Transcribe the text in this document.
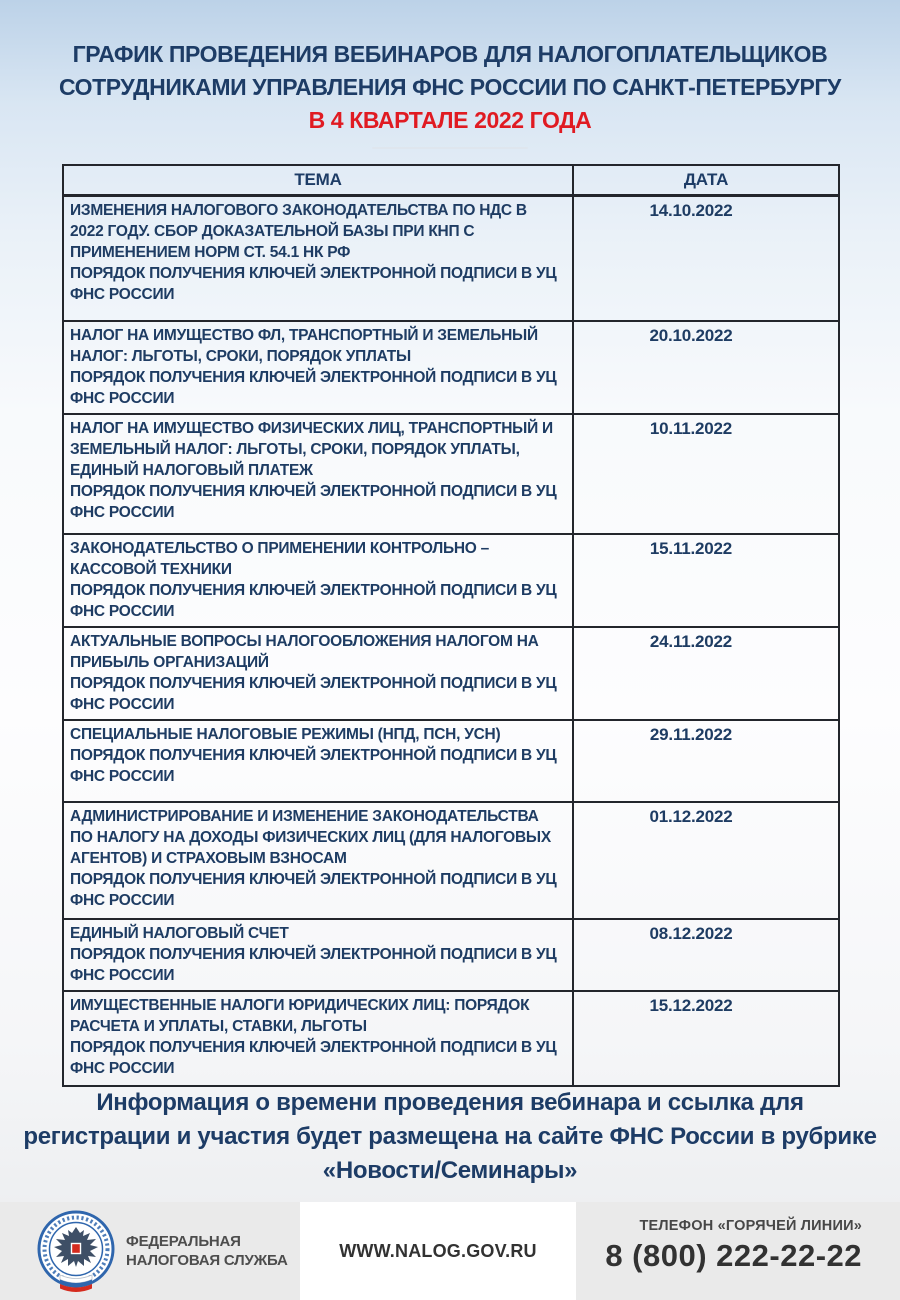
ГРАФИК ПРОВЕДЕНИЯ ВЕБИНАРОВ ДЛЯ НАЛОГОПЛАТЕЛЬЩИКОВ
СОТРУДНИКАМИ УПРАВЛЕНИЯ ФНС РОССИИ ПО САНКТ-ПЕТЕРБУРГУ
В 4 КВАРТАЛЕ 2022 ГОДА
ТЕМА	ДАТА

ИЗМЕНЕНИЯ НАЛОГОВОГО ЗАКОНОДАТЕЛЬСТВА ПО НДС В 2022 ГОДУ. СБОР ДОКАЗАТЕЛЬНОЙ БАЗЫ ПРИ КНП С ПРИМЕНЕНИЕМ НОРМ СТ. 54.1 НК РФ
ПОРЯДОК ПОЛУЧЕНИЯ КЛЮЧЕЙ ЭЛЕКТРОННОЙ ПОДПИСИ В УЦ ФНС РОССИИ	14.10.2022

НАЛОГ НА ИМУЩЕСТВО ФЛ, ТРАНСПОРТНЫЙ И ЗЕМЕЛЬНЫЙ НАЛОГ: ЛЬГОТЫ, СРОКИ, ПОРЯДОК УПЛАТЫ
ПОРЯДОК ПОЛУЧЕНИЯ КЛЮЧЕЙ ЭЛЕКТРОННОЙ ПОДПИСИ В УЦ ФНС РОССИИ	20.10.2022

НАЛОГ НА ИМУЩЕСТВО ФИЗИЧЕСКИХ ЛИЦ, ТРАНСПОРТНЫЙ И ЗЕМЕЛЬНЫЙ НАЛОГ: ЛЬГОТЫ, СРОКИ, ПОРЯДОК УПЛАТЫ, ЕДИНЫЙ НАЛОГОВЫЙ ПЛАТЕЖ
ПОРЯДОК ПОЛУЧЕНИЯ КЛЮЧЕЙ ЭЛЕКТРОННОЙ ПОДПИСИ В УЦ ФНС РОССИИ	10.11.2022

ЗАКОНОДАТЕЛЬСТВО О ПРИМЕНЕНИИ КОНТРОЛЬНО – КАССОВОЙ ТЕХНИКИ
ПОРЯДОК ПОЛУЧЕНИЯ КЛЮЧЕЙ ЭЛЕКТРОННОЙ ПОДПИСИ В УЦ ФНС РОССИИ	15.11.2022

АКТУАЛЬНЫЕ ВОПРОСЫ НАЛОГООБЛОЖЕНИЯ НАЛОГОМ НА ПРИБЫЛЬ ОРГАНИЗАЦИЙ
ПОРЯДОК ПОЛУЧЕНИЯ КЛЮЧЕЙ ЭЛЕКТРОННОЙ ПОДПИСИ В УЦ ФНС РОССИИ	24.11.2022

СПЕЦИАЛЬНЫЕ НАЛОГОВЫЕ РЕЖИМЫ (НПД, ПСН, УСН)
ПОРЯДОК ПОЛУЧЕНИЯ КЛЮЧЕЙ ЭЛЕКТРОННОЙ ПОДПИСИ В УЦ ФНС РОССИИ	29.11.2022

АДМИНИСТРИРОВАНИЕ И ИЗМЕНЕНИЕ ЗАКОНОДАТЕЛЬСТВА ПО НАЛОГУ НА ДОХОДЫ ФИЗИЧЕСКИХ ЛИЦ (ДЛЯ НАЛОГОВЫХ АГЕНТОВ) И СТРАХОВЫМ ВЗНОСАМ
ПОРЯДОК ПОЛУЧЕНИЯ КЛЮЧЕЙ ЭЛЕКТРОННОЙ ПОДПИСИ В УЦ ФНС РОССИИ	01.12.2022

ЕДИНЫЙ НАЛОГОВЫЙ СЧЕТ
ПОРЯДОК ПОЛУЧЕНИЯ КЛЮЧЕЙ ЭЛЕКТРОННОЙ ПОДПИСИ В УЦ ФНС РОССИИ	08.12.2022

ИМУЩЕСТВЕННЫЕ НАЛОГИ ЮРИДИЧЕСКИХ ЛИЦ: ПОРЯДОК РАСЧЕТА И УПЛАТЫ, СТАВКИ, ЛЬГОТЫ
ПОРЯДОК ПОЛУЧЕНИЯ КЛЮЧЕЙ ЭЛЕКТРОННОЙ ПОДПИСИ В УЦ ФНС РОССИИ	15.12.2022
Информация о времени проведения вебинара и ссылка для регистрации и участия будет размещена на сайте ФНС России в рубрике «Новости/Семинары»
ФЕДЕРАЛЬНАЯ
НАЛОГОВАЯ СЛУЖБА	WWW.NALOG.GOV.RU
ТЕЛЕФОН «ГОРЯЧЕЙ ЛИНИИ»
8 (800) 222-22-22
